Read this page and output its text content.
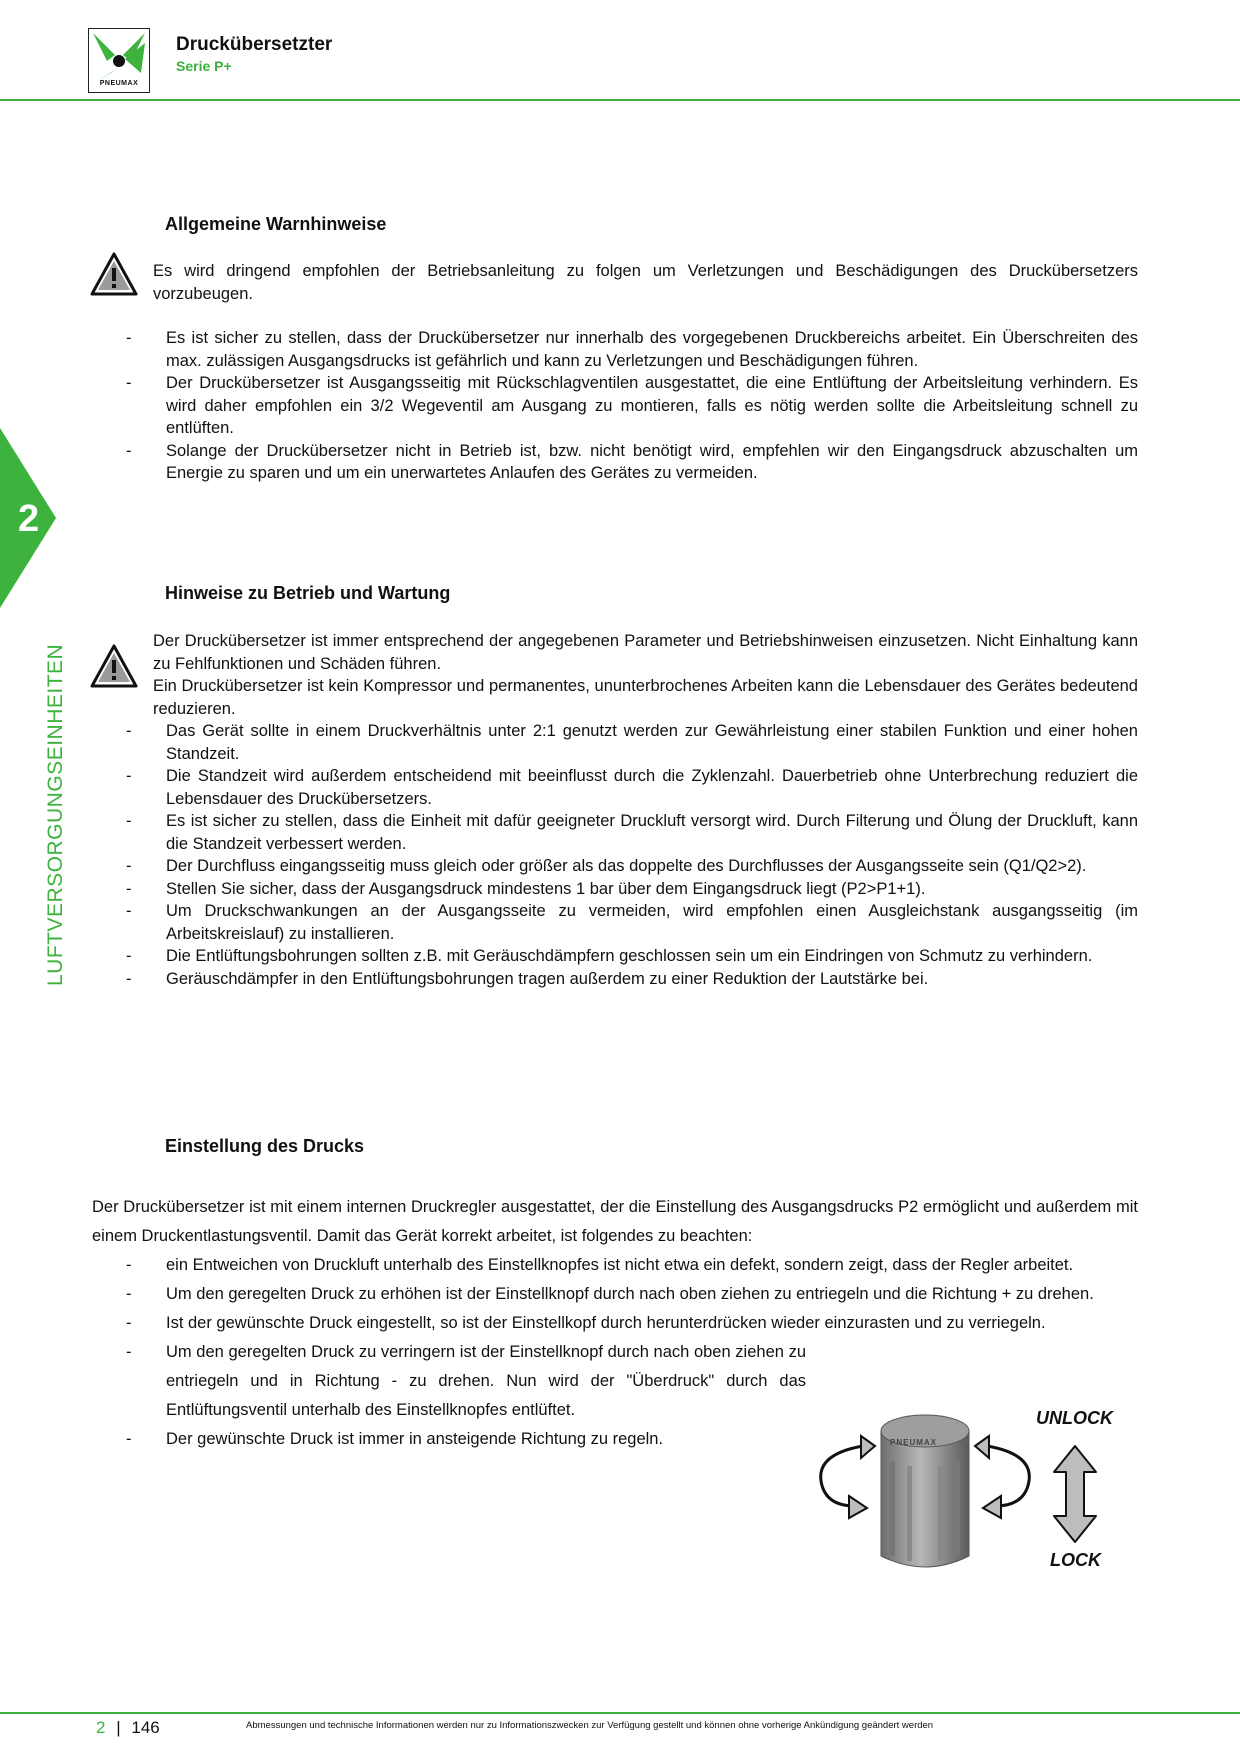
PNEUMAX
Druckübersetzter
Serie P+
2
LUFTVERSORGUNGSEINHEITEN
Allgemeine Warnhinweise
Es wird dringend empfohlen der Betriebsanleitung zu folgen um Verletzungen und Beschädigungen des Druckübersetzers vorzubeugen.
- Es ist sicher zu stellen, dass der Druckübersetzer nur innerhalb des vorgegebenen Druckbereichs arbeitet. Ein Überschreiten des max. zulässigen Ausgangsdrucks ist gefährlich und kann zu Verletzungen und Beschädigungen führen.
- Der Druckübersetzer ist Ausgangsseitig mit Rückschlagventilen ausgestattet, die eine Entlüftung der Arbeitsleitung verhindern. Es wird daher empfohlen ein 3/2 Wegeventil am Ausgang zu montieren, falls es nötig werden sollte die Arbeitsleitung schnell zu entlüften.
- Solange der Druckübersetzer nicht in Betrieb ist, bzw. nicht benötigt wird, empfehlen wir den Eingangsdruck abzuschalten um Energie zu sparen und um ein unerwartetes Anlaufen des Gerätes zu vermeiden.
Hinweise zu Betrieb und Wartung
Der Druckübersetzer ist immer entsprechend der angegebenen Parameter und Betriebshinweisen einzusetzen. Nicht Einhaltung kann zu Fehlfunktionen und Schäden führen.
Ein Druckübersetzer ist kein Kompressor und permanentes, ununterbrochenes Arbeiten kann die Lebensdauer des Gerätes bedeutend reduzieren.
- Das Gerät sollte in einem Druckverhältnis unter 2:1 genutzt werden zur Gewährleistung einer stabilen Funktion und einer hohen Standzeit.
- Die Standzeit wird außerdem entscheidend mit beeinflusst durch die Zyklenzahl. Dauerbetrieb ohne Unterbrechung reduziert die Lebensdauer des Druckübersetzers.
- Es ist sicher zu stellen, dass die Einheit mit dafür geeigneter Druckluft versorgt wird. Durch Filterung und Ölung der Druckluft, kann die Standzeit verbessert werden.
- Der Durchfluss eingangsseitig muss gleich oder größer als das doppelte des Durchflusses der Ausgangsseite sein (Q1/Q2>2).
- Stellen Sie sicher, dass der Ausgangsdruck mindestens 1 bar über dem Eingangsdruck liegt (P2>P1+1).
- Um Druckschwankungen an der Ausgangsseite zu vermeiden, wird empfohlen einen Ausgleichstank ausgangsseitig (im Arbeitskreislauf) zu installieren.
- Die Entlüftungsbohrungen sollten z.B. mit Geräuschdämpfern geschlossen sein um ein Eindringen von Schmutz zu verhindern.
- Geräuschdämpfer in den Entlüftungsbohrungen tragen außerdem zu einer Reduktion der Lautstärke bei.
Einstellung des Drucks
Der Druckübersetzer ist mit einem internen Druckregler ausgestattet, der die Einstellung des Ausgangsdrucks P2 ermöglicht und außerdem mit einem Druckentlastungsventil. Damit das Gerät korrekt arbeitet, ist folgendes zu beachten:
- ein Entweichen von Druckluft unterhalb des Einstellknopfes ist nicht etwa ein defekt, sondern zeigt, dass der Regler arbeitet.
- Um den geregelten Druck zu erhöhen ist der Einstellknopf durch nach oben ziehen zu entriegeln und die Richtung + zu drehen.
- Ist der gewünschte Druck eingestellt, so ist der Einstellkopf durch herunterdrücken wieder einzurasten und zu verriegeln.
- Um den geregelten Druck zu verringern ist der Einstellknopf durch nach oben ziehen zu entriegeln und in Richtung - zu drehen. Nun wird der "Überdruck" durch das Entlüftungsventil unterhalb des Einstellknopfes entlüftet.
- Der gewünschte Druck ist immer in ansteigende Richtung zu regeln.
UNLOCK
LOCK
PNEUMAX
2 | 146	Abmessungen und technische Informationen werden nur zu Informationszwecken zur Verfügung gestellt und können ohne vorherige Ankündigung geändert werden
